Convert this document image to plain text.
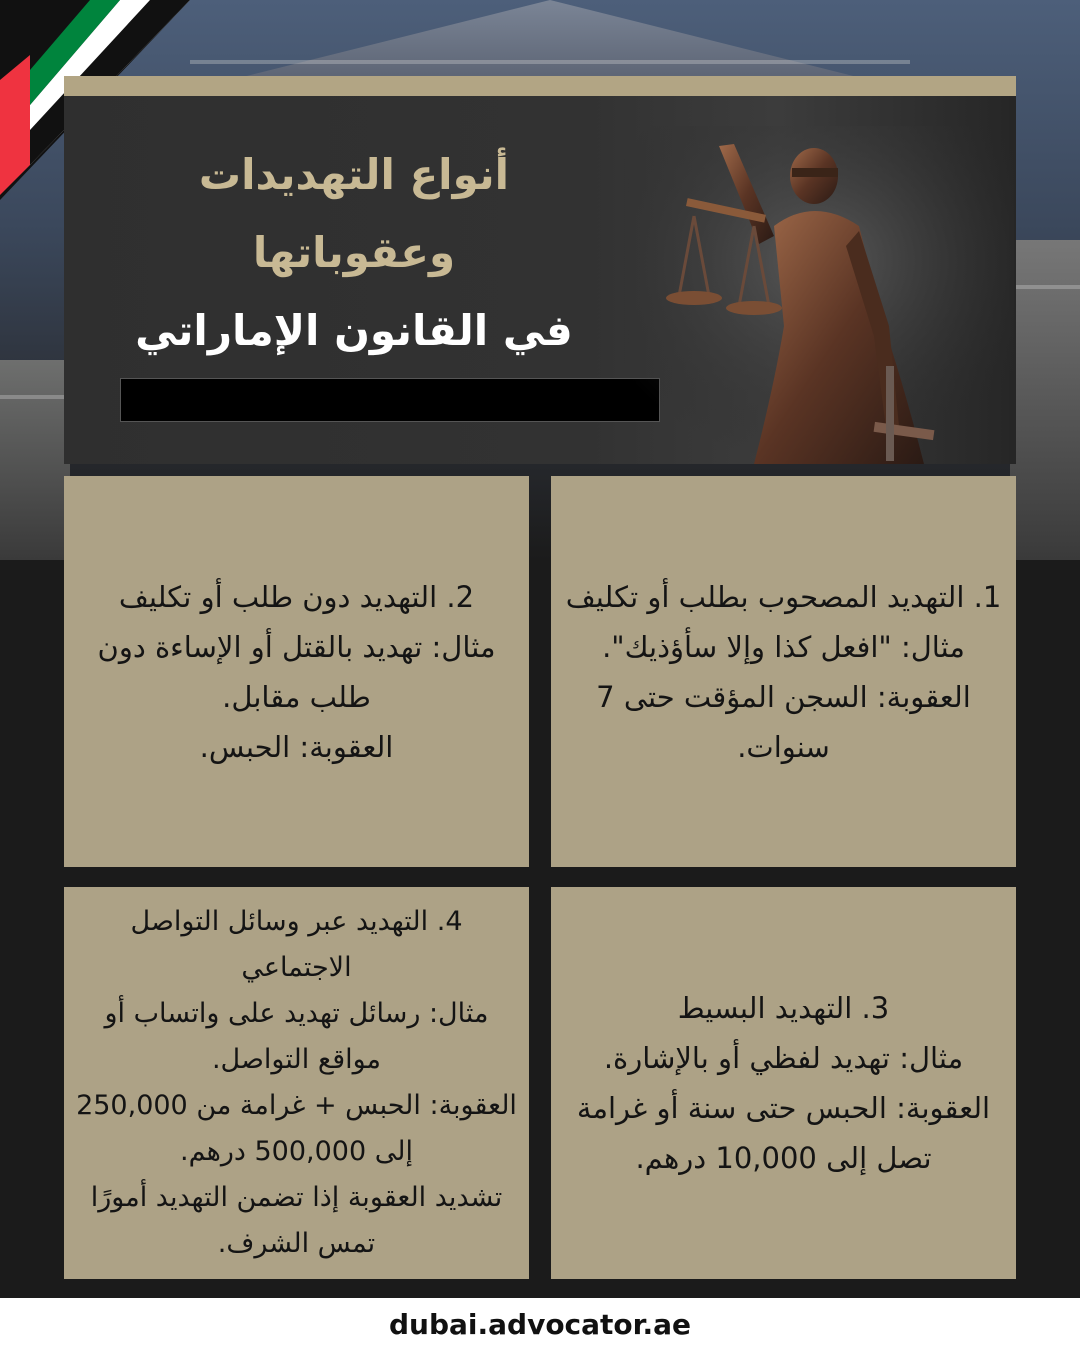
أنواع التهديدات
وعقوباتها
في القانون الإماراتي
1. التهديد المصحوب بطلب أو تكليف
مثال: "افعل كذا وإلا سأؤذيك".
العقوبة: السجن المؤقت حتى 7
سنوات.
2. التهديد دون طلب أو تكليف
مثال: تهديد بالقتل أو الإساءة دون
طلب مقابل.
العقوبة: الحبس.
3. التهديد البسيط
مثال: تهديد لفظي أو بالإشارة.
العقوبة: الحبس حتى سنة أو غرامة
تصل إلى 10,000 درهم.
4. التهديد عبر وسائل التواصل
الاجتماعي
مثال: رسائل تهديد على واتساب أو
مواقع التواصل.
العقوبة: الحبس + غرامة من 250,000
إلى 500,000 درهم.
تشديد العقوبة إذا تضمن التهديد أمورًا
تمس الشرف.
dubai.advocator.ae
